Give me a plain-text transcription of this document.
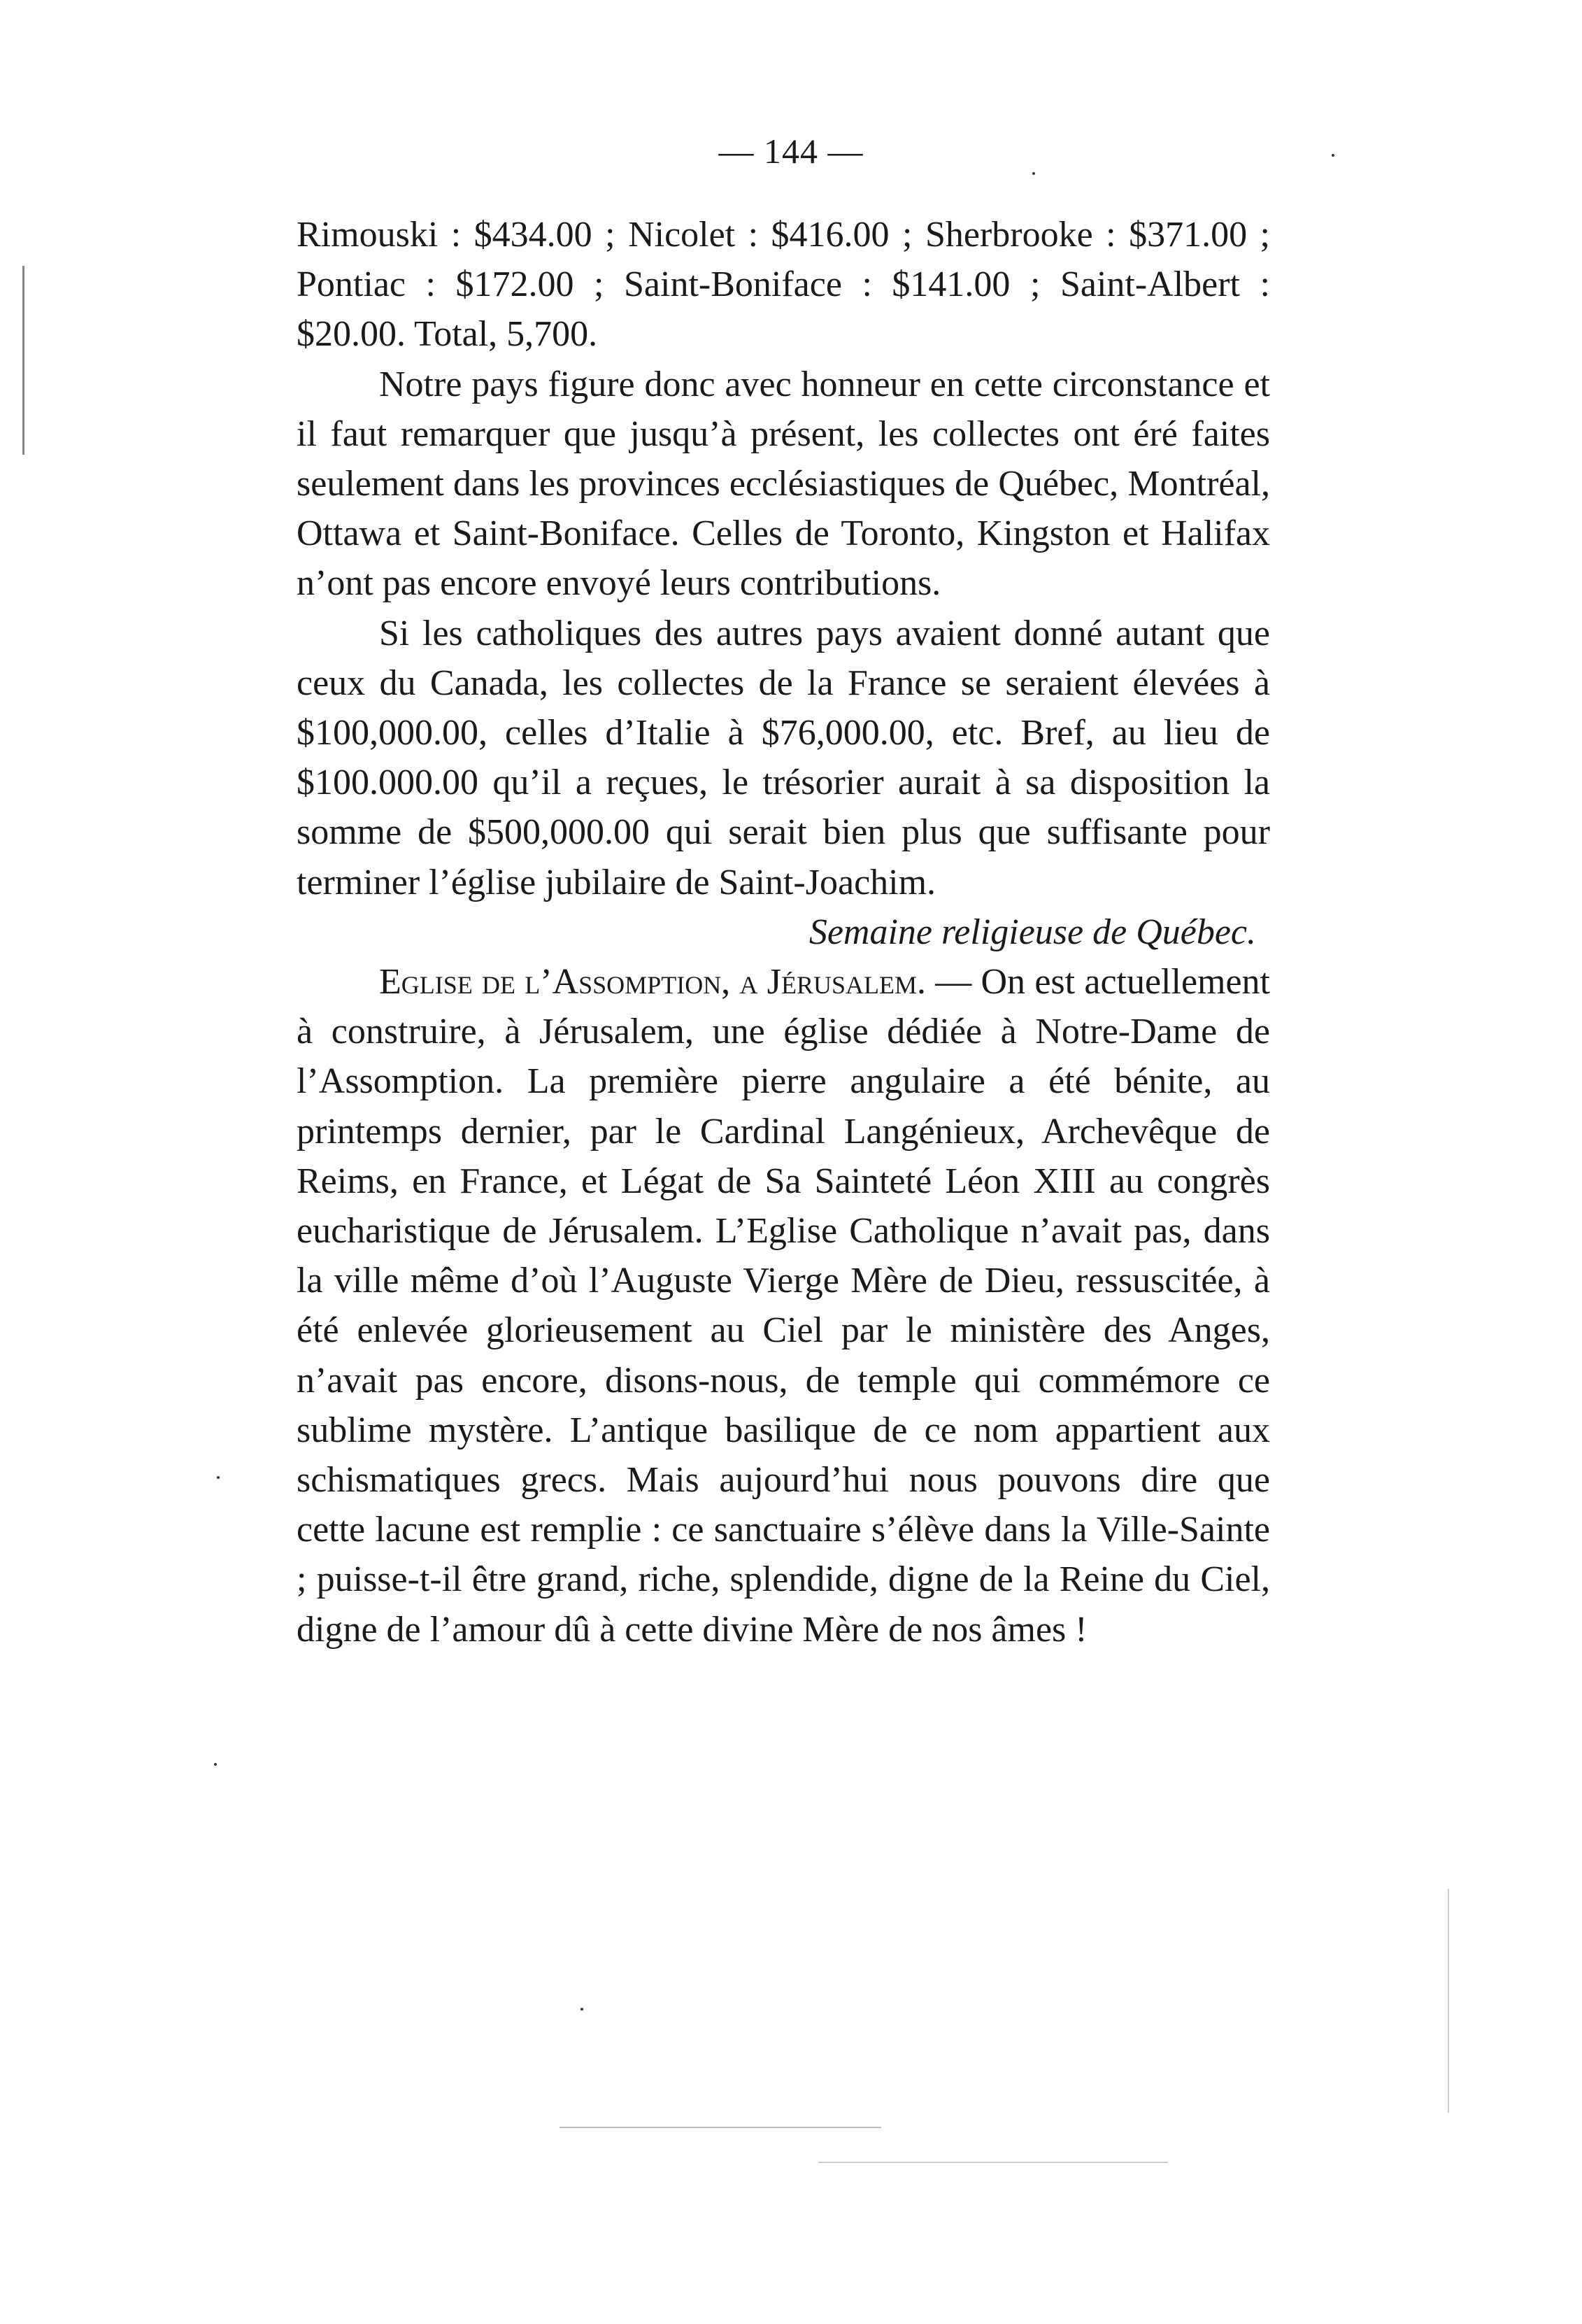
— 144 —

Rimouski : $434.00 ; Nicolet : $416.00 ; Sherbrooke : $371.00 ; Pontiac : $172.00 ; Saint-Boniface : $141.00 ; Saint-Albert : $20.00. Total, 5,700.

Notre pays figure donc avec honneur en cette circonstance et il faut remarquer que jusqu’à présent, les collectes ont éré faites seulement dans les provinces ecclésiastiques de Québec, Montréal, Ottawa et Saint-Boniface. Celles de Toronto, Kingston et Halifax n’ont pas encore envoyé leurs contributions.

Si les catholiques des autres pays avaient donné autant que ceux du Canada, les collectes de la France se seraient élevées à $100,000.00, celles d’Italie à $76,000.00, etc. Bref, au lieu de $100.000.00 qu’il a reçues, le trésorier aurait à sa disposition la somme de $500,000.00 qui serait bien plus que suffisante pour terminer l’église jubilaire de Saint-Joachim.

Semaine religieuse de Québec.

Eglise de l’Assomption, a Jérusalem. — On est actuellement à construire, à Jérusalem, une église dédiée à Notre-Dame de l’Assomption. La première pierre angulaire a été bénite, au printemps dernier, par le Cardinal Langénieux, Archevêque de Reims, en France, et Légat de Sa Sainteté Léon XIII au congrès eucharistique de Jérusalem. L’Eglise Catholique n’avait pas, dans la ville même d’où l’Auguste Vierge Mère de Dieu, ressuscitée, à été enlevée glorieusement au Ciel par le ministère des Anges, n’avait pas encore, disons-nous, de temple qui commémore ce sublime mystère. L’antique basilique de ce nom appartient aux schismatiques grecs. Mais aujourd’hui nous pouvons dire que cette lacune est remplie : ce sanctuaire s’élève dans la Ville-Sainte ; puisse-t-il être grand, riche, splendide, digne de la Reine du Ciel, digne de l’amour dû à cette divine Mère de nos âmes !
